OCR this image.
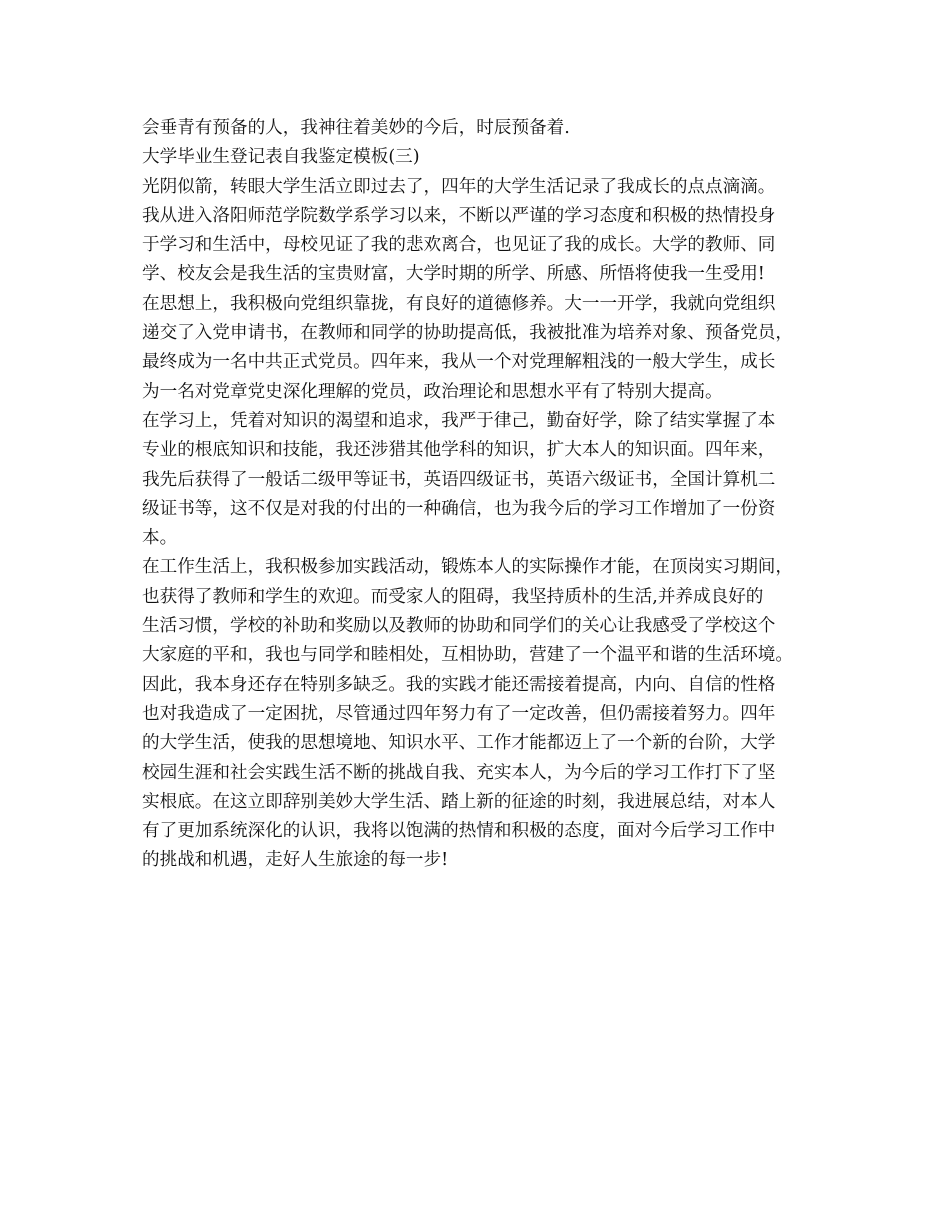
会垂青有预备的人，我神往着美妙的今后，时辰预备着.
大学毕业生登记表自我鉴定模板(三)
光阴似箭，转眼大学生活立即过去了，四年的大学生活记录了我成长的点点滴滴。
我从进入洛阳师范学院数学系学习以来，不断以严谨的学习态度和积极的热情投身
于学习和生活中，母校见证了我的悲欢离合，也见证了我的成长。大学的教师、同
学、校友会是我生活的宝贵财富，大学时期的所学、所感、所悟将使我一生受用!
在思想上，我积极向党组织靠拢，有良好的道德修养。大一一开学，我就向党组织
递交了入党申请书，在教师和同学的协助提高低，我被批准为培养对象、预备党员，
最终成为一名中共正式党员。四年来，我从一个对党理解粗浅的一般大学生，成长
为一名对党章党史深化理解的党员，政治理论和思想水平有了特别大提高。
在学习上，凭着对知识的渴望和追求，我严于律己，勤奋好学，除了结实掌握了本
专业的根底知识和技能，我还涉猎其他学科的知识，扩大本人的知识面。四年来，
我先后获得了一般话二级甲等证书，英语四级证书，英语六级证书，全国计算机二
级证书等，这不仅是对我的付出的一种确信，也为我今后的学习工作增加了一份资
本。
在工作生活上，我积极参加实践活动，锻炼本人的实际操作才能，在顶岗实习期间，
也获得了教师和学生的欢迎。而受家人的阻碍，我坚持质朴的生活,并养成良好的
生活习惯，学校的补助和奖励以及教师的协助和同学们的关心让我感受了学校这个
大家庭的平和，我也与同学和睦相处，互相协助，营建了一个温平和谐的生活环境。
因此，我本身还存在特别多缺乏。我的实践才能还需接着提高，内向、自信的性格
也对我造成了一定困扰，尽管通过四年努力有了一定改善，但仍需接着努力。四年
的大学生活，使我的思想境地、知识水平、工作才能都迈上了一个新的台阶，大学
校园生涯和社会实践生活不断的挑战自我、充实本人，为今后的学习工作打下了坚
实根底。在这立即辞别美妙大学生活、踏上新的征途的时刻，我进展总结，对本人
有了更加系统深化的认识，我将以饱满的热情和积极的态度，面对今后学习工作中
的挑战和机遇，走好人生旅途的每一步!
